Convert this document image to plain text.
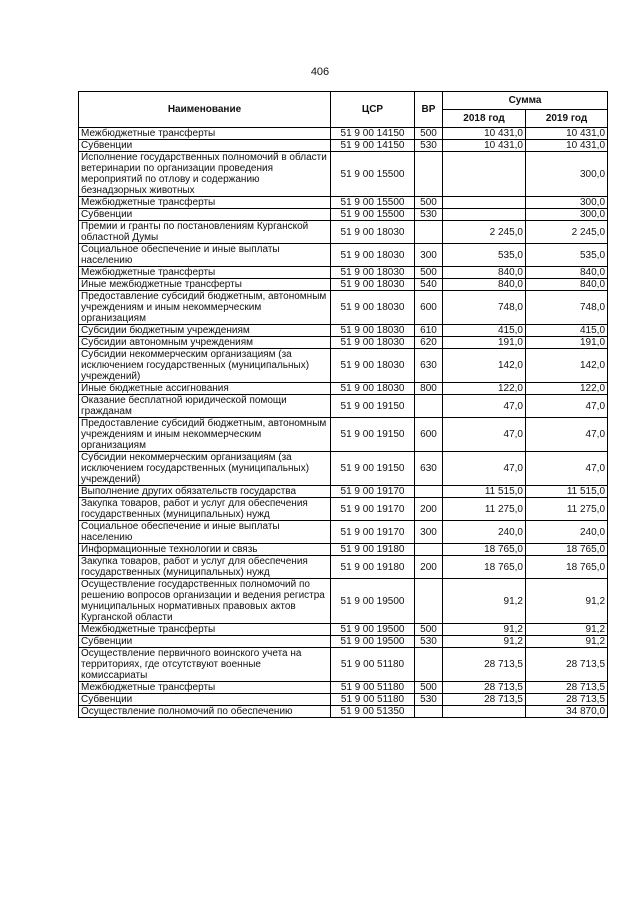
406
Наименование	ЦСР	ВР	Сумма	
			2018 год	2019 год
Межбюджетные трансферты	51 9 00 14150	500	10 431,0	10 431,0
Субвенции	51 9 00 14150	530	10 431,0	10 431,0
Исполнение государственных полномочий в области ветеринарии по организации проведения мероприятий по отлову и содержанию безнадзорных животных	51 9 00 15500			300,0
Межбюджетные трансферты	51 9 00 15500	500		300,0
Субвенции	51 9 00 15500	530		300,0
Премии и гранты по постановлениям Курганской областной Думы	51 9 00 18030		2 245,0	2 245,0
Социальное обеспечение и иные выплаты населению	51 9 00 18030	300	535,0	535,0
Межбюджетные трансферты	51 9 00 18030	500	840,0	840,0
Иные межбюджетные трансферты	51 9 00 18030	540	840,0	840,0
Предоставление субсидий бюджетным, автономным учреждениям и иным некоммерческим организациям	51 9 00 18030	600	748,0	748,0
Субсидии бюджетным учреждениям	51 9 00 18030	610	415,0	415,0
Субсидии автономным учреждениям	51 9 00 18030	620	191,0	191,0
Субсидии некоммерческим организациям (за исключением государственных (муниципальных) учреждений)	51 9 00 18030	630	142,0	142,0
Иные бюджетные ассигнования	51 9 00 18030	800	122,0	122,0
Оказание бесплатной юридической помощи гражданам	51 9 00 19150		47,0	47,0
Предоставление субсидий бюджетным, автономным учреждениям и иным некоммерческим организациям	51 9 00 19150	600	47,0	47,0
Субсидии некоммерческим организациям (за исключением государственных (муниципальных) учреждений)	51 9 00 19150	630	47,0	47,0
Выполнение других обязательств государства	51 9 00 19170		11 515,0	11 515,0
Закупка товаров, работ и услуг для обеспечения государственных (муниципальных) нужд	51 9 00 19170	200	11 275,0	11 275,0
Социальное обеспечение и иные выплаты населению	51 9 00 19170	300	240,0	240,0
Информационные технологии и связь	51 9 00 19180		18 765,0	18 765,0
Закупка товаров, работ и услуг для обеспечения государственных (муниципальных) нужд	51 9 00 19180	200	18 765,0	18 765,0
Осуществление государственных полномочий по решению вопросов организации и ведения регистра муниципальных нормативных правовых актов Курганской области	51 9 00 19500		91,2	91,2
Межбюджетные трансферты	51 9 00 19500	500	91,2	91,2
Субвенции	51 9 00 19500	530	91,2	91,2
Осуществление первичного воинского учета на территориях, где отсутствуют военные комиссариаты	51 9 00 51180		28 713,5	28 713,5
Межбюджетные трансферты	51 9 00 51180	500	28 713,5	28 713,5
Субвенции	51 9 00 51180	530	28 713,5	28 713,5
Осуществление полномочий по обеспечению	51 9 00 51350			34 870,0
